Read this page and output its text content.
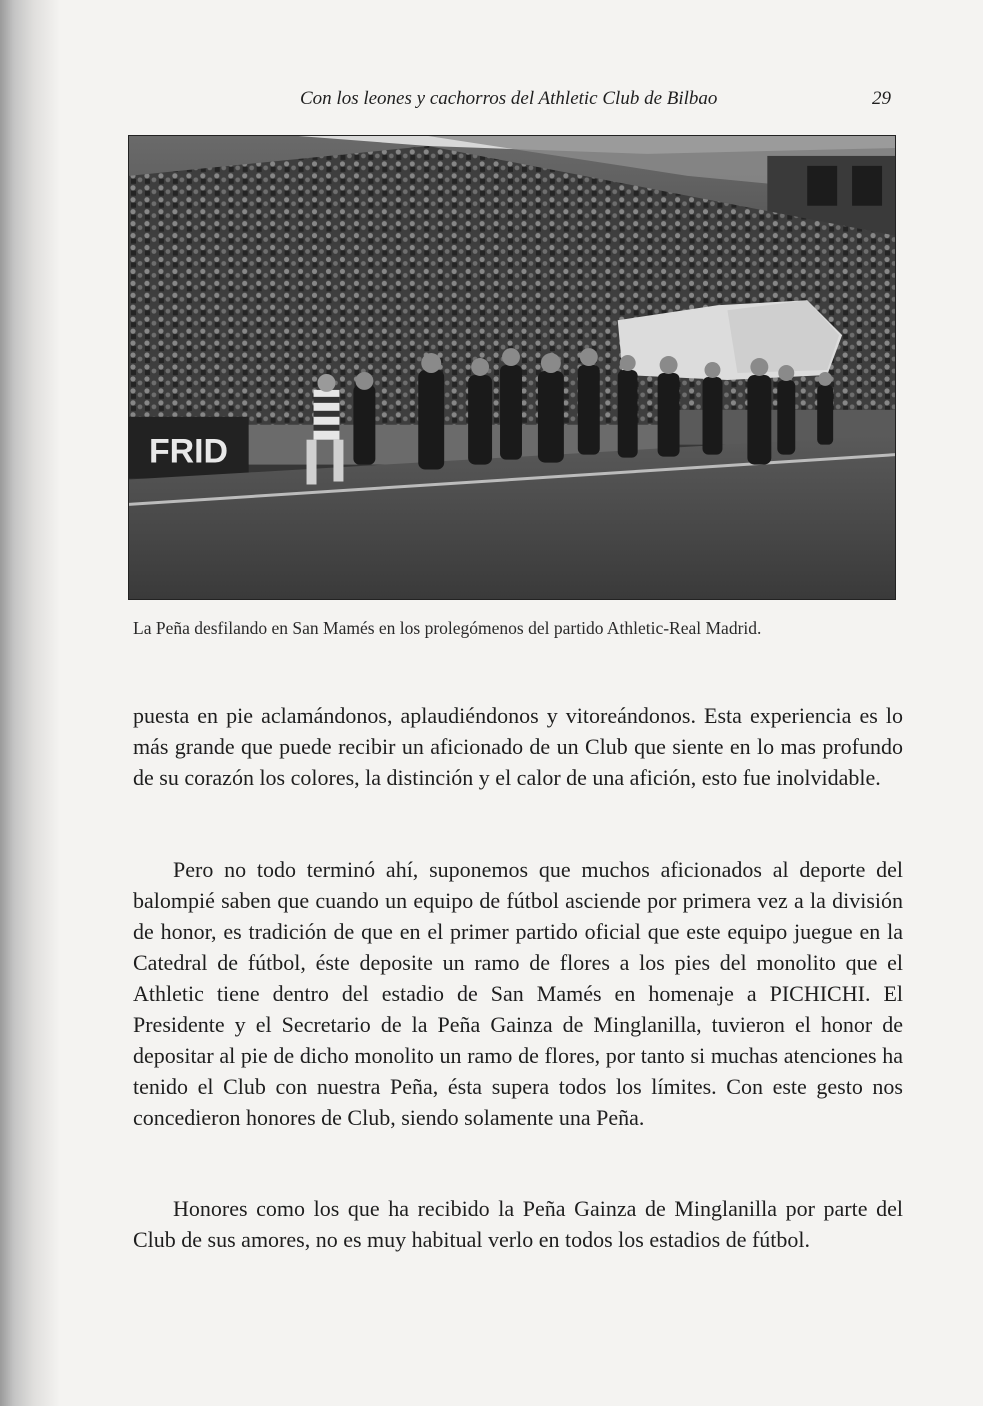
Con los leones y cachorros del Athletic Club de Bilbao	29
FRID
La Peña desfilando en San Mamés en los prolegómenos del partido Athletic-Real Madrid.

puesta en pie aclamándonos, aplaudiéndonos y vitoreándonos. Esta experiencia es lo más grande que puede recibir un aficionado de un Club que siente en lo mas profundo de su corazón los colores, la distinción y el calor de una afición, esto fue inolvidable.

Pero no todo terminó ahí, suponemos que muchos aficionados al deporte del balompié saben que cuando un equipo de fútbol asciende por primera vez a la división de honor, es tradición de que en el primer partido oficial que este equipo juegue en la Catedral de fútbol, éste deposite un ramo de flores a los pies del monolito que el Athletic tiene dentro del estadio de San Mamés en homenaje a PICHICHI. El Presidente y el Secretario de la Peña Gainza de Minglanilla, tuvieron el honor de depositar al pie de dicho monolito un ramo de flores, por tanto si muchas atenciones ha tenido el Club con nuestra Peña, ésta supera todos los límites. Con este gesto nos concedieron honores de Club, siendo solamente una Peña.

Honores como los que ha recibido la Peña Gainza de Minglanilla por parte del Club de sus amores, no es muy habitual verlo en todos los estadios de fútbol.
